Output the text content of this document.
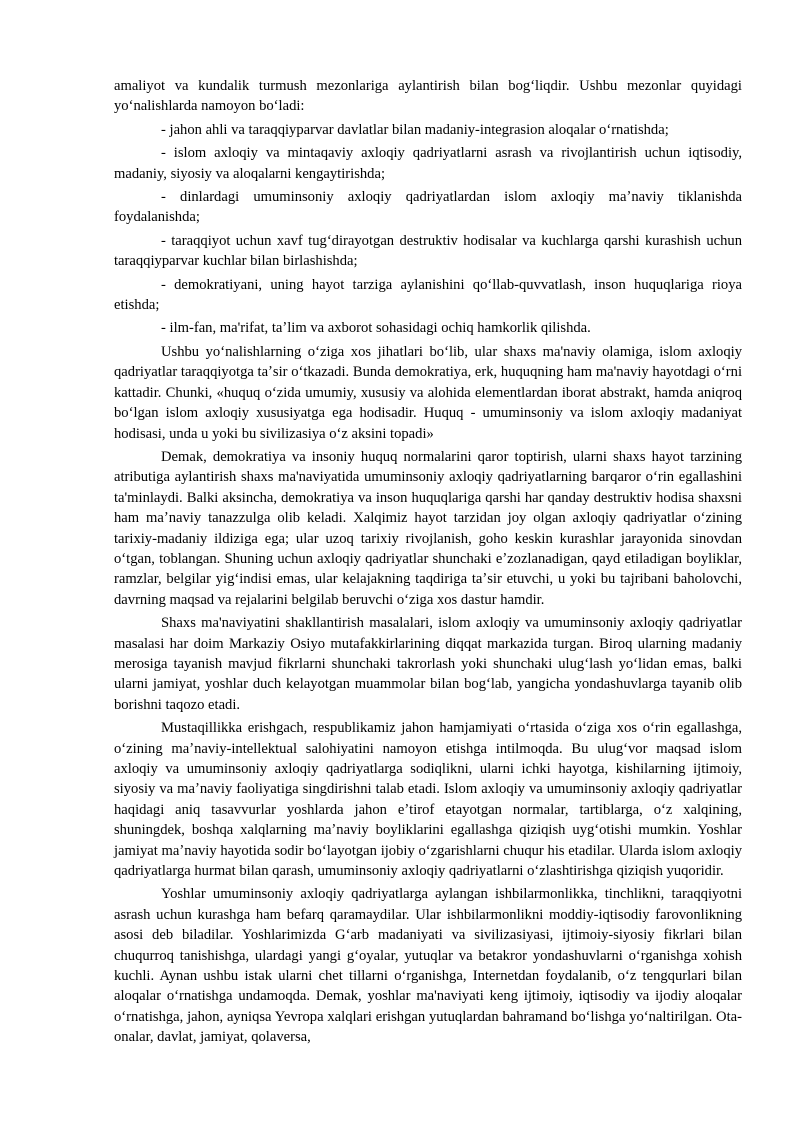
amaliyot va kundalik turmush mezonlariga aylantirish bilan bogʻliqdir. Ushbu mezonlar quyidagi yoʻnalishlarda namoyon boʻladi:

- jahon ahli va taraqqiyparvar davlatlar bilan madaniy-integrasion aloqalar oʻrnatishda;

- islom axloqiy va mintaqaviy axloqiy qadriyatlarni asrash va rivojlantirish uchun iqtisodiy, madaniy, siyosiy va aloqalarni kengaytirishda;

- dinlardagi umuminsoniy axloqiy qadriyatlardan islom axloqiy maʼnaviy tiklanishda foydalanishda;

- taraqqiyot uchun xavf tugʻdirayotgan destruktiv hodisalar va kuchlarga qarshi kurashish uchun taraqqiyparvar kuchlar bilan birlashishda;

- demokratiyani, uning hayot tarziga aylanishini qoʻllab-quvvatlash, inson huquqlariga rioya etishda;

- ilm-fan, ma'rifat, taʼlim va axborot sohasidagi ochiq hamkorlik qilishda.

Ushbu yoʻnalishlarning oʻziga xos jihatlari boʻlib, ular shaxs ma'naviy olamiga, islom axloqiy qadriyatlar taraqqiyotga taʼsir oʻtkazadi. Bunda demokratiya, erk, huquqning ham ma'naviy hayotdagi oʻrni kattadir. Chunki, «huquq oʻzida umumiy, xususiy va alohida elementlardan iborat abstrakt, hamda aniqroq boʻlgan islom axloqiy xususiyatga ega hodisadir. Huquq - umuminsoniy va islom axloqiy madaniyat hodisasi, unda u yoki bu sivilizasiya oʻz aksini topadi»

Demak, demokratiya va insoniy huquq normalarini qaror toptirish, ularni shaxs hayot tarzining atributiga aylantirish shaxs ma'naviyatida umuminsoniy axloqiy qadriyatlarning barqaror oʻrin egallashini ta'minlaydi. Balki aksincha, demokratiya va inson huquqlariga qarshi har qanday destruktiv hodisa shaxsni ham maʼnaviy tanazzulga olib keladi. Xalqimiz hayot tarzidan joy olgan axloqiy qadriyatlar oʻzining tarixiy-madaniy ildiziga ega; ular uzoq tarixiy rivojlanish, goho keskin kurashlar jarayonida sinovdan oʻtgan, toblangan. Shuning uchun axloqiy qadriyatlar shunchaki eʼzozlanadigan, qayd etiladigan boyliklar, ramzlar, belgilar yigʻindisi emas, ular kelajakning taqdiriga taʼsir etuvchi, u yoki bu tajribani baholovchi, davrning maqsad va rejalarini belgilab beruvchi oʻziga xos dastur hamdir.

Shaxs ma'naviyatini shakllantirish masalalari, islom axloqiy va umuminsoniy axloqiy qadriyatlar masalasi har doim Markaziy Osiyo mutafakkirlarining diqqat markazida turgan. Biroq ularning madaniy merosiga tayanish mavjud fikrlarni shunchaki takrorlash yoki shunchaki ulugʻlash yoʻlidan emas, balki ularni jamiyat, yoshlar duch kelayotgan muammolar bilan bogʻlab, yangicha yondashuvlarga tayanib olib borishni taqozo etadi.

Mustaqillikka erishgach, respublikamiz jahon hamjamiyati oʻrtasida oʻziga xos oʻrin egallashga, oʻzining maʼnaviy-intellektual salohiyatini namoyon etishga intilmoqda. Bu ulugʻvor maqsad islom axloqiy va umuminsoniy axloqiy qadriyatlarga sodiqlikni, ularni ichki hayotga, kishilarning ijtimoiy, siyosiy va maʼnaviy faoliyatiga singdirishni talab etadi. Islom axloqiy va umuminsoniy axloqiy qadriyatlar haqidagi aniq tasavvurlar yoshlarda jahon eʼtirof etayotgan normalar, tartiblarga, oʻz xalqining, shuningdek, boshqa xalqlarning maʼnaviy boyliklarini egallashga qiziqish uygʻotishi mumkin. Yoshlar jamiyat maʼnaviy hayotida sodir boʻlayotgan ijobiy oʻzgarishlarni chuqur his etadilar. Ularda islom axloqiy qadriyatlarga hurmat bilan qarash, umuminsoniy axloqiy qadriyatlarni oʻzlashtirishga qiziqish yuqoridir.

Yoshlar umuminsoniy axloqiy qadriyatlarga aylangan ishbilarmonlikka, tinchlikni, taraqqiyotni asrash uchun kurashga ham befarq qaramaydilar. Ular ishbilarmonlikni moddiy-iqtisodiy farovonlikning asosi deb biladilar. Yoshlarimizda Gʻarb madaniyati va sivilizasiyasi, ijtimoiy-siyosiy fikrlari bilan chuqurroq tanishishga, ulardagi yangi gʻoyalar, yutuqlar va betakror yondashuvlarni oʻrganishga xohish kuchli. Aynan ushbu istak ularni chet tillarni oʻrganishga, Internetdan foydalanib, oʻz tengqurlari bilan aloqalar oʻrnatishga undamoqda. Demak, yoshlar ma'naviyati keng ijtimoiy, iqtisodiy va ijodiy aloqalar oʻrnatishga, jahon, ayniqsa Yevropa xalqlari erishgan yutuqlardan bahramand boʻlishga yoʻnaltirilgan. Ota-onalar, davlat, jamiyat, qolaversa,
